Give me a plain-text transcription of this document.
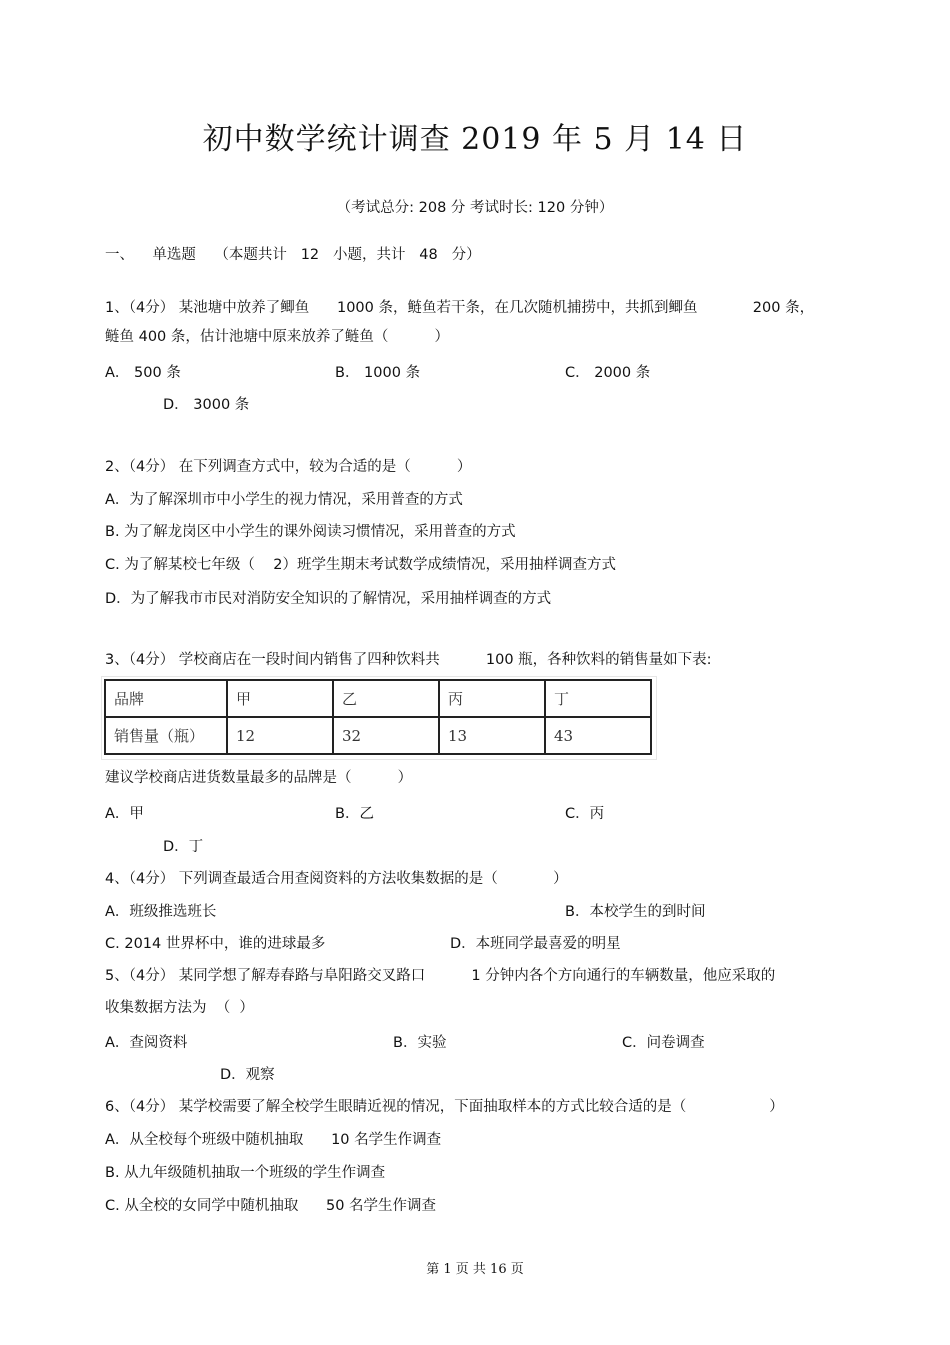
初中数学统计调查 2019 年 5 月 14 日
（考试总分: 208 分 考试时长: 120 分钟）
一、    单选题    （本题共计   12   小题，共计   48   分）
1、（4分） 某池塘中放养了鲫鱼      1000 条，鲢鱼若干条，在几次随机捕捞中，共抓到鲫鱼            200 条，
鲢鱼 400 条，估计池塘中原来放养了鲢鱼（          ）
A． 500 条	B． 1000 条	C． 2000 条
D． 3000 条
2、（4分） 在下列调查方式中，较为合适的是（          ）
A．为了解深圳市中小学生的视力情况，采用普查的方式
B. 为了解龙岗区中小学生的课外阅读习惯情况，采用普查的方式
C. 为了解某校七年级（    2）班学生期末考试数学成绩情况，采用抽样调查方式
D．为了解我市市民对消防安全知识的了解情况，采用抽样调查的方式
3、（4分） 学校商店在一段时间内销售了四种饮料共          100 瓶，各种饮料的销售量如下表:
品牌	甲	乙	丙	丁
销售量（瓶）	12	32	13	43
建议学校商店进货数量最多的品牌是（          ）
A．甲	B．乙	C．丙
D．丁
4、（4分） 下列调查最适合用查阅资料的方法收集数据的是（            ）
A．班级推选班长	B．本校学生的到时间
C. 2014 世界杯中，谁的进球最多	D．本班同学最喜爱的明星
5、（4分） 某同学想了解寿春路与阜阳路交叉路口          1 分钟内各个方向通行的车辆数量，他应采取的
收集数据方法为  （  ）
A．查阅资料	B．实验	C．问卷调查
D．观察
6、（4分） 某学校需要了解全校学生眼睛近视的情况，下面抽取样本的方式比较合适的是（                  ）
A．从全校每个班级中随机抽取      10 名学生作调查
B. 从九年级随机抽取一个班级的学生作调查
C. 从全校的女同学中随机抽取      50 名学生作调查
第 1 页 共 16 页
